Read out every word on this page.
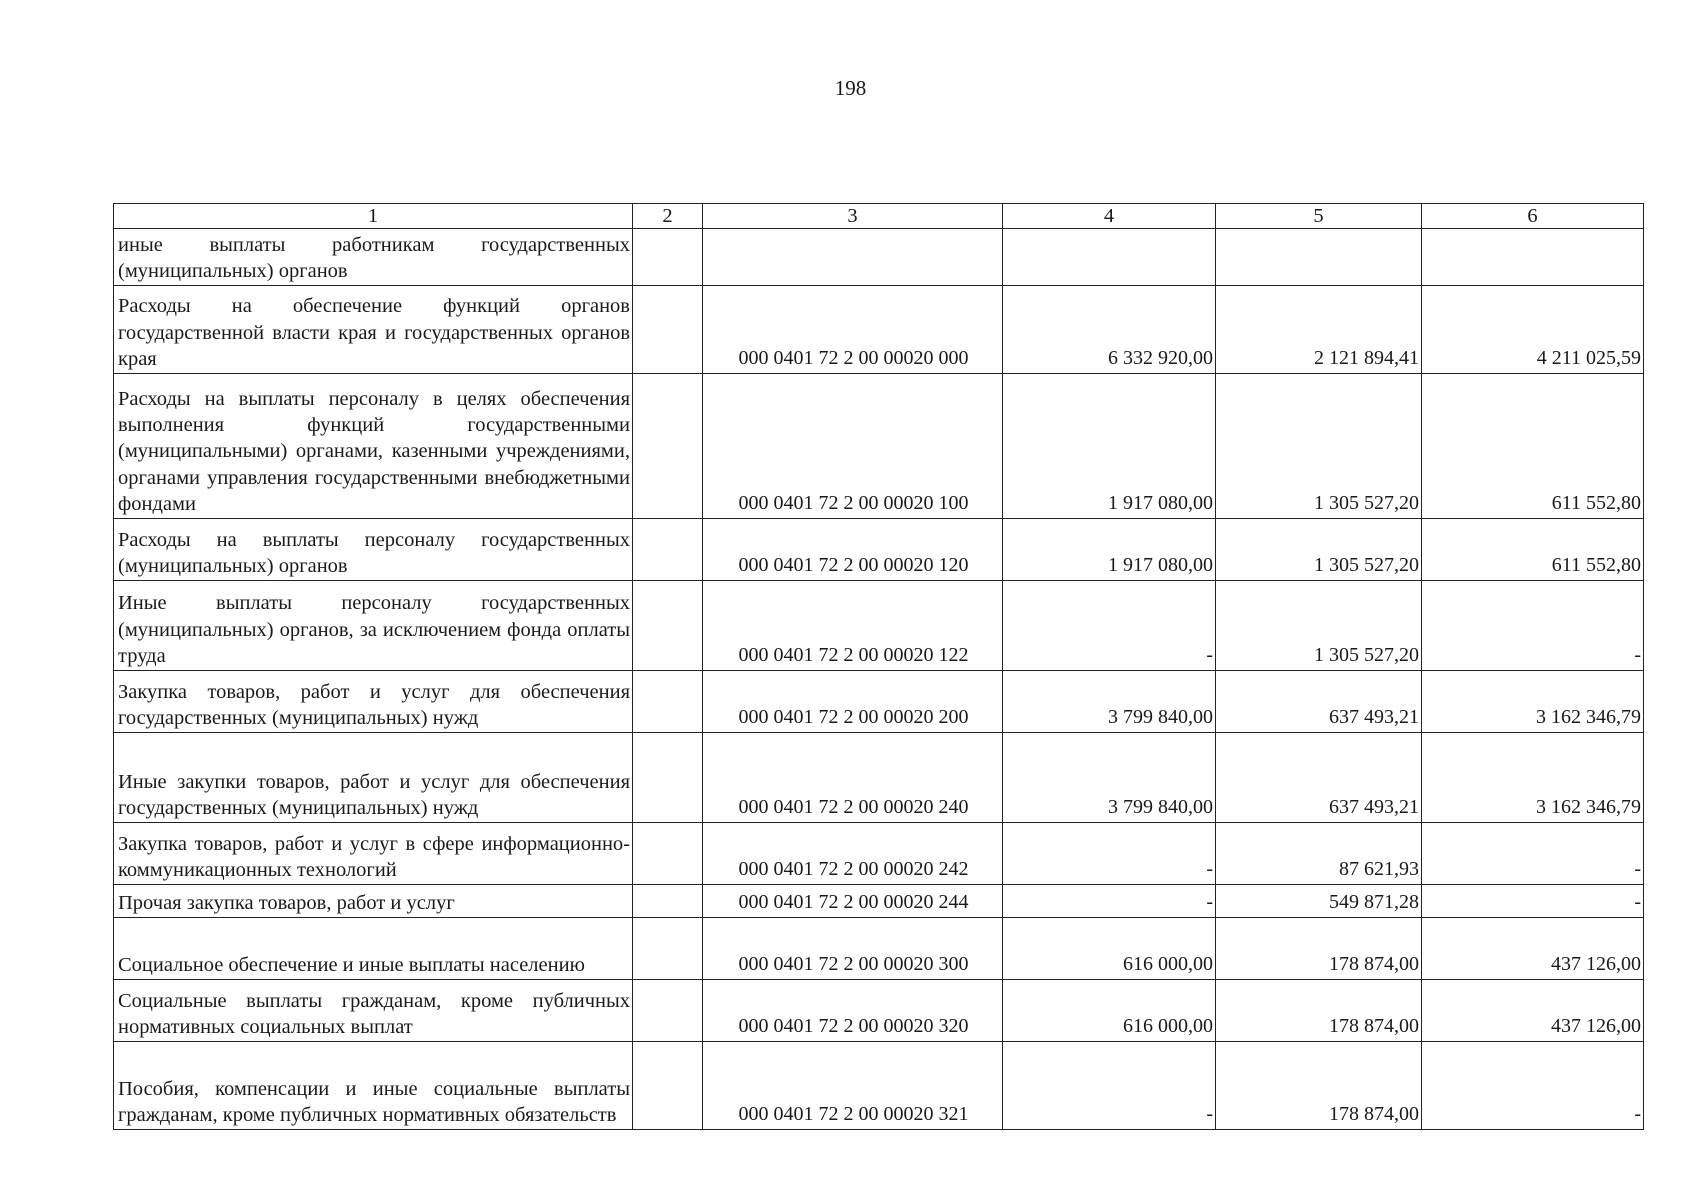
198
1	2	3	4	5	6
иные выплаты работникам государственных (муниципальных) органов					
Расходы на обеспечение функций органов государственной власти края и государственных органов края		000 0401 72 2 00 00020 000	6 332 920,00	2 121 894,41	4 211 025,59
Расходы на выплаты персоналу в целях обеспечения выполнения функций государственными (муниципальными) органами, казенными учреждениями, органами управления государственными внебюджетными фондами		000 0401 72 2 00 00020 100	1 917 080,00	1 305 527,20	611 552,80
Расходы на выплаты персоналу государственных (муниципальных) органов		000 0401 72 2 00 00020 120	1 917 080,00	1 305 527,20	611 552,80
Иные выплаты персоналу государственных (муниципальных) органов, за исключением фонда оплаты труда		000 0401 72 2 00 00020 122	-	1 305 527,20	-
Закупка товаров, работ и услуг для обеспечения государственных (муниципальных) нужд		000 0401 72 2 00 00020 200	3 799 840,00	637 493,21	3 162 346,79
Иные закупки товаров, работ и услуг для обеспечения государственных (муниципальных) нужд		000 0401 72 2 00 00020 240	3 799 840,00	637 493,21	3 162 346,79
Закупка товаров, работ и услуг в сфере информационно-коммуникационных технологий		000 0401 72 2 00 00020 242	-	87 621,93	-
Прочая закупка товаров, работ и услуг		000 0401 72 2 00 00020 244	-	549 871,28	-
Социальное обеспечение и иные выплаты населению		000 0401 72 2 00 00020 300	616 000,00	178 874,00	437 126,00
Социальные выплаты гражданам, кроме публичных нормативных социальных выплат		000 0401 72 2 00 00020 320	616 000,00	178 874,00	437 126,00
Пособия, компенсации и иные социальные выплаты гражданам, кроме публичных нормативных обязательств		000 0401 72 2 00 00020 321	-	178 874,00	-
